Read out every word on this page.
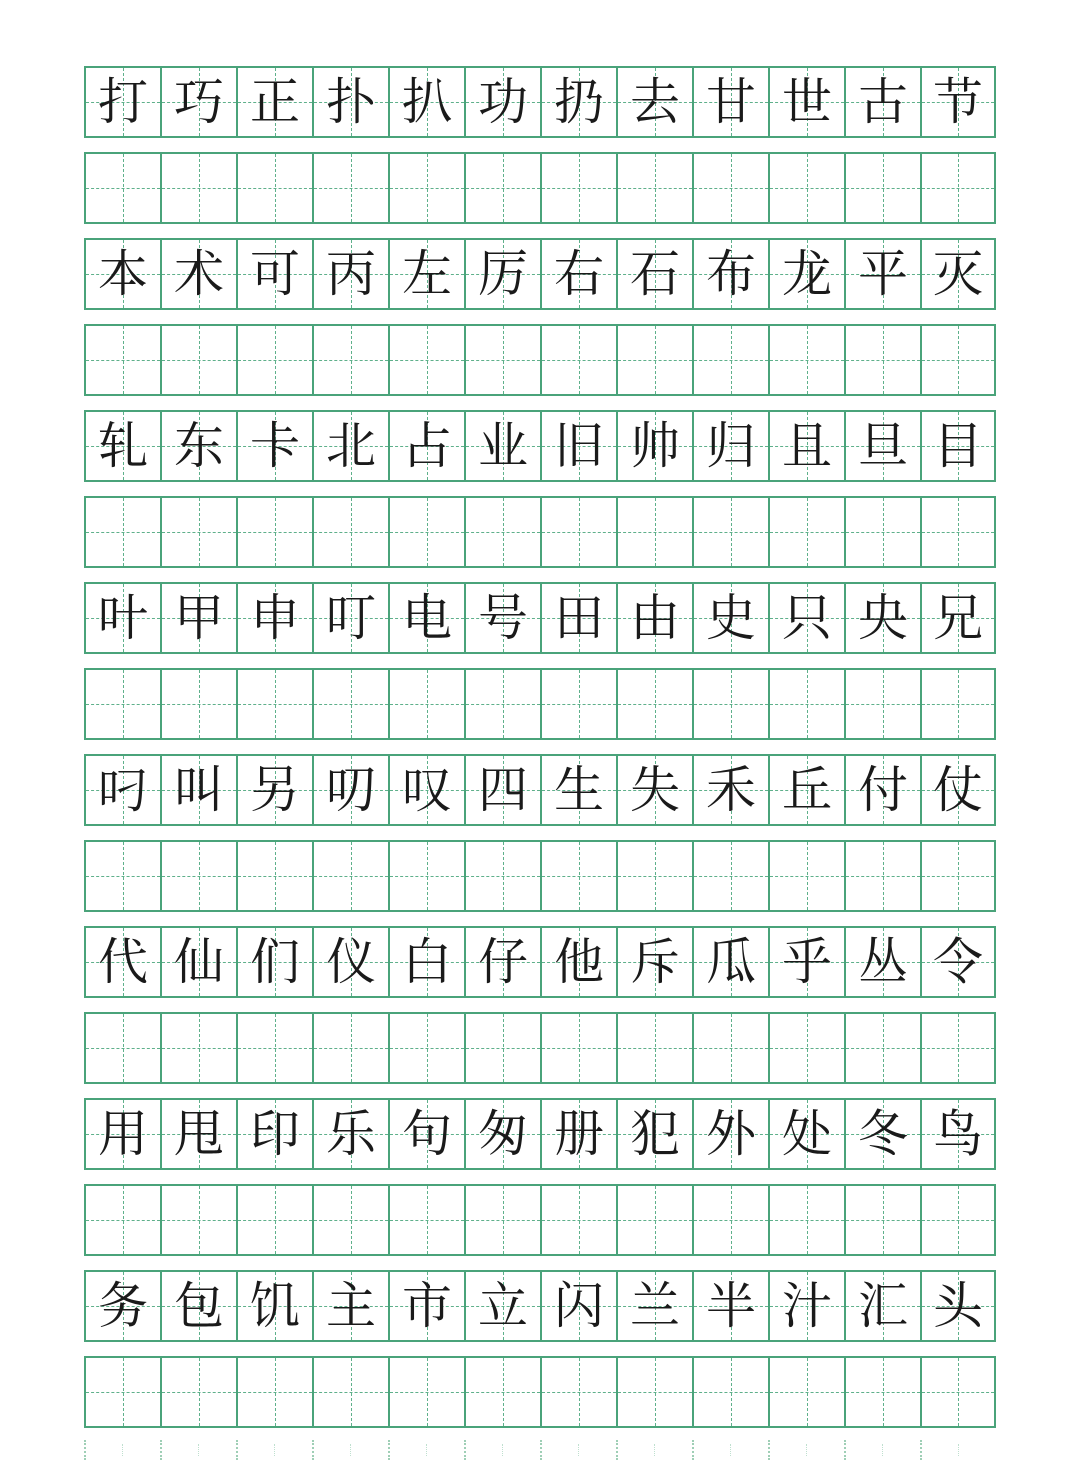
打 巧 正 扑 扒 功 扔 去 甘 世 古 节
本 术 可 丙 左 厉 右 石 布 龙 平 灭
轧 东 卡 北 占 业 旧 帅 归 且 旦 目
叶 甲 申 叮 电 号 田 由 史 只 央 兄
叼 叫 另 叨 叹 四 生 失 禾 丘 付 仗
代 仙 们 仪 白 仔 他 斥 瓜 乎 丛 令
用 甩 印 乐 句 匆 册 犯 外 处 冬 鸟
务 包 饥 主 市 立 闪 兰 半 汁 汇 头
